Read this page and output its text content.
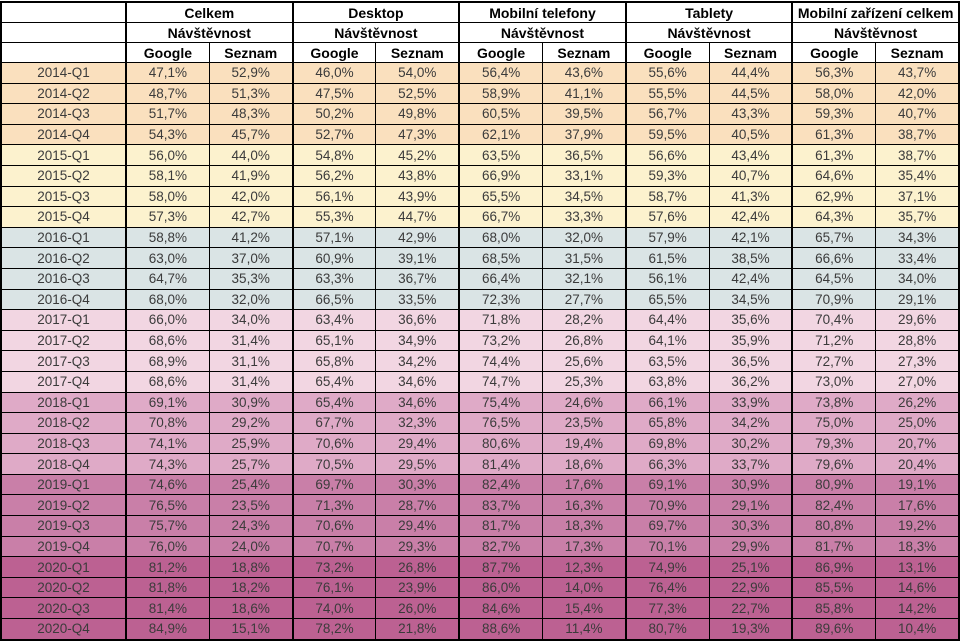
	Celkem		Desktop		Mobilní telefony		Tablety		Mobilní zařízení celkem	
	Návštěvnost		Návštěvnost		Návštěvnost		Návštěvnost		Návštěvnost	
	Google	Seznam	Google	Seznam	Google	Seznam	Google	Seznam	Google	Seznam
2014-Q1	47,1%	52,9%	46,0%	54,0%	56,4%	43,6%	55,6%	44,4%	56,3%	43,7%
2014-Q2	48,7%	51,3%	47,5%	52,5%	58,9%	41,1%	55,5%	44,5%	58,0%	42,0%
2014-Q3	51,7%	48,3%	50,2%	49,8%	60,5%	39,5%	56,7%	43,3%	59,3%	40,7%
2014-Q4	54,3%	45,7%	52,7%	47,3%	62,1%	37,9%	59,5%	40,5%	61,3%	38,7%
2015-Q1	56,0%	44,0%	54,8%	45,2%	63,5%	36,5%	56,6%	43,4%	61,3%	38,7%
2015-Q2	58,1%	41,9%	56,2%	43,8%	66,9%	33,1%	59,3%	40,7%	64,6%	35,4%
2015-Q3	58,0%	42,0%	56,1%	43,9%	65,5%	34,5%	58,7%	41,3%	62,9%	37,1%
2015-Q4	57,3%	42,7%	55,3%	44,7%	66,7%	33,3%	57,6%	42,4%	64,3%	35,7%
2016-Q1	58,8%	41,2%	57,1%	42,9%	68,0%	32,0%	57,9%	42,1%	65,7%	34,3%
2016-Q2	63,0%	37,0%	60,9%	39,1%	68,5%	31,5%	61,5%	38,5%	66,6%	33,4%
2016-Q3	64,7%	35,3%	63,3%	36,7%	66,4%	32,1%	56,1%	42,4%	64,5%	34,0%
2016-Q4	68,0%	32,0%	66,5%	33,5%	72,3%	27,7%	65,5%	34,5%	70,9%	29,1%
2017-Q1	66,0%	34,0%	63,4%	36,6%	71,8%	28,2%	64,4%	35,6%	70,4%	29,6%
2017-Q2	68,6%	31,4%	65,1%	34,9%	73,2%	26,8%	64,1%	35,9%	71,2%	28,8%
2017-Q3	68,9%	31,1%	65,8%	34,2%	74,4%	25,6%	63,5%	36,5%	72,7%	27,3%
2017-Q4	68,6%	31,4%	65,4%	34,6%	74,7%	25,3%	63,8%	36,2%	73,0%	27,0%
2018-Q1	69,1%	30,9%	65,4%	34,6%	75,4%	24,6%	66,1%	33,9%	73,8%	26,2%
2018-Q2	70,8%	29,2%	67,7%	32,3%	76,5%	23,5%	65,8%	34,2%	75,0%	25,0%
2018-Q3	74,1%	25,9%	70,6%	29,4%	80,6%	19,4%	69,8%	30,2%	79,3%	20,7%
2018-Q4	74,3%	25,7%	70,5%	29,5%	81,4%	18,6%	66,3%	33,7%	79,6%	20,4%
2019-Q1	74,6%	25,4%	69,7%	30,3%	82,4%	17,6%	69,1%	30,9%	80,9%	19,1%
2019-Q2	76,5%	23,5%	71,3%	28,7%	83,7%	16,3%	70,9%	29,1%	82,4%	17,6%
2019-Q3	75,7%	24,3%	70,6%	29,4%	81,7%	18,3%	69,7%	30,3%	80,8%	19,2%
2019-Q4	76,0%	24,0%	70,7%	29,3%	82,7%	17,3%	70,1%	29,9%	81,7%	18,3%
2020-Q1	81,2%	18,8%	73,2%	26,8%	87,7%	12,3%	74,9%	25,1%	86,9%	13,1%
2020-Q2	81,8%	18,2%	76,1%	23,9%	86,0%	14,0%	76,4%	22,9%	85,5%	14,6%
2020-Q3	81,4%	18,6%	74,0%	26,0%	84,6%	15,4%	77,3%	22,7%	85,8%	14,2%
2020-Q4	84,9%	15,1%	78,2%	21,8%	88,6%	11,4%	80,7%	19,3%	89,6%	10,4%
